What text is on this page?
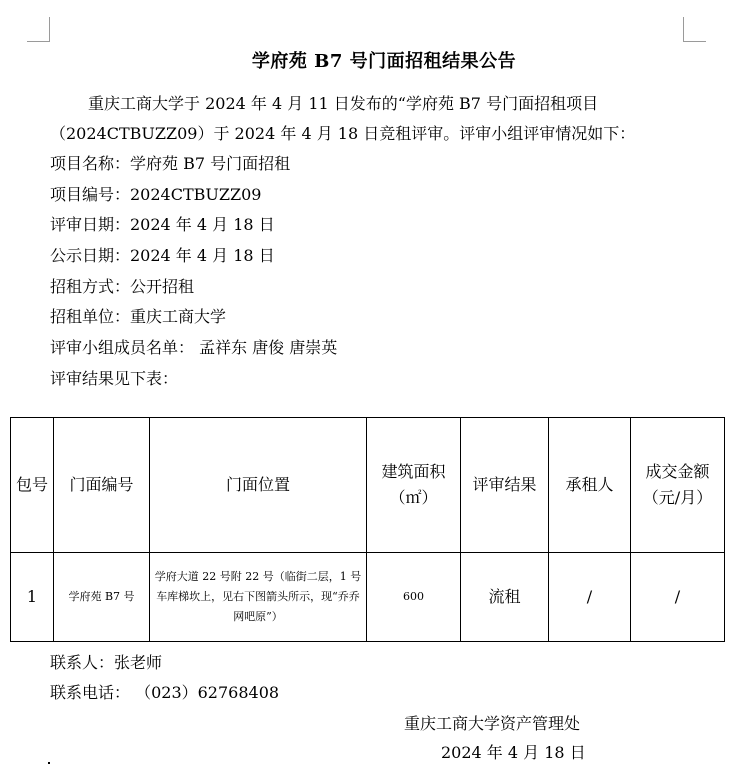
学府苑 B7 号门面招租结果公告
重庆工商大学于 2024 年 4 月 11 日发布的“学府苑 B7 号门面招租项目
（2024CTBUZZ09）于 2024 年 4 月 18 日竞租评审。评审小组评审情况如下：
项目名称：学府苑 B7 号门面招租
项目编号：2024CTBUZZ09
评审日期：2024 年 4 月 18 日
公示日期：2024 年 4 月 18 日
招租方式：公开招租
招租单位：重庆工商大学
评审小组成员名单： 孟祥东 唐俊 唐崇英
评审结果见下表：
包号	门面编号	门面位置	建筑面积（㎡）	评审结果	承租人	成交金额（元/月）
1	学府苑 B7 号	学府大道 22 号附 22 号（临街二层，1 号车库梯坎上，见右下图箭头所示，现“乔乔网吧原”）	600	流租	/	/
联系人：张老师
联系电话： （023）62768408
重庆工商大学资产管理处
2024 年 4 月 18 日
